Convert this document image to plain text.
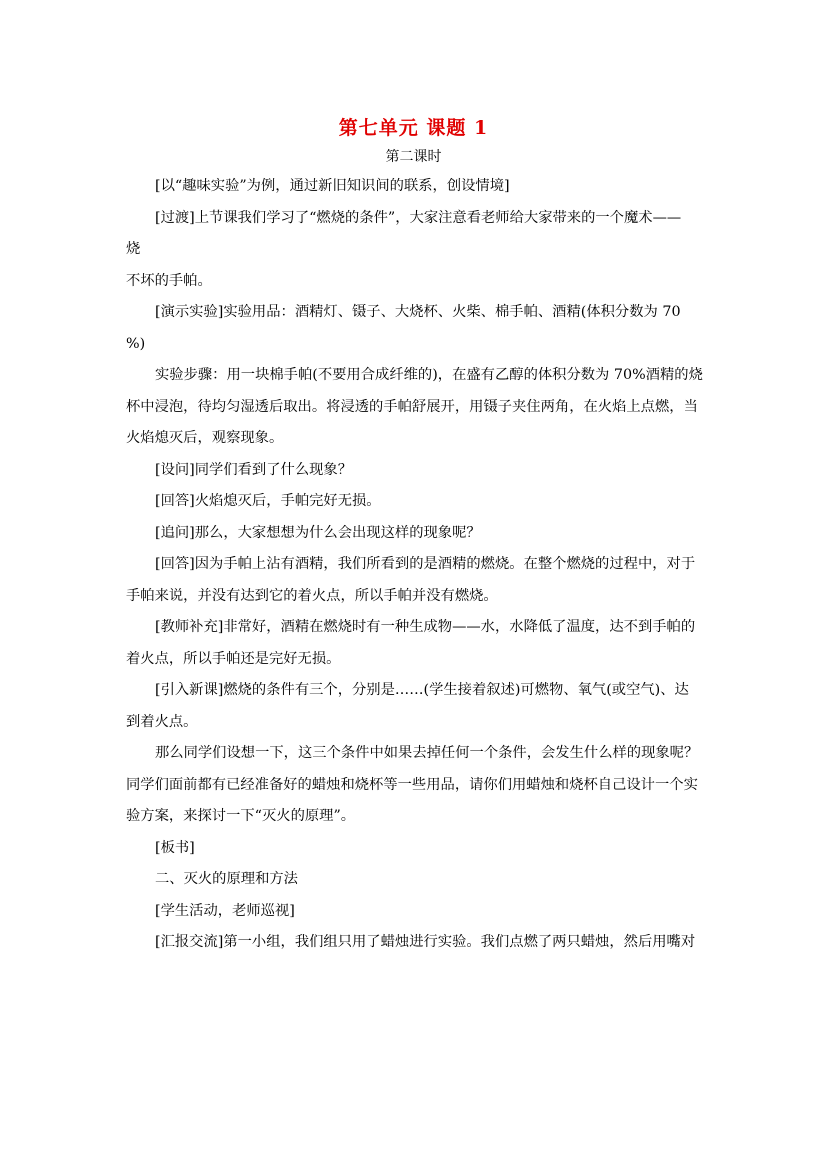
第七单元 课题 1
第二课时

[以“趣味实验”为例，通过新旧知识间的联系，创设情境]

[过渡]上节课我们学习了“燃烧的条件”，大家注意看老师给大家带来的一个魔术——

烧

不坏的手帕。

[演示实验]实验用品：酒精灯、镊子、大烧杯、火柴、棉手帕、酒精(体积分数为 70

%)

实验步骤：用一块棉手帕(不要用合成纤维的)，在盛有乙醇的体积分数为 70%酒精的烧

杯中浸泡，待均匀湿透后取出。将浸透的手帕舒展开，用镊子夹住两角，在火焰上点燃，当

火焰熄灭后，观察现象。

[设问]同学们看到了什么现象？

[回答]火焰熄灭后，手帕完好无损。

[追问]那么，大家想想为什么会出现这样的现象呢？

[回答]因为手帕上沾有酒精，我们所看到的是酒精的燃烧。在整个燃烧的过程中，对于

手帕来说，并没有达到它的着火点，所以手帕并没有燃烧。

[教师补充]非常好，酒精在燃烧时有一种生成物——水，水降低了温度，达不到手帕的

着火点，所以手帕还是完好无损。

[引入新课]燃烧的条件有三个，分别是……(学生接着叙述)可燃物、氧气(或空气)、达

到着火点。

那么同学们设想一下，这三个条件中如果去掉任何一个条件，会发生什么样的现象呢？

同学们面前都有已经准备好的蜡烛和烧杯等一些用品，请你们用蜡烛和烧杯自己设计一个实

验方案，来探讨一下“灭火的原理”。

[板书]

二、灭火的原理和方法

[学生活动，老师巡视]

[汇报交流]第一小组，我们组只用了蜡烛进行实验。我们点燃了两只蜡烛，然后用嘴对
